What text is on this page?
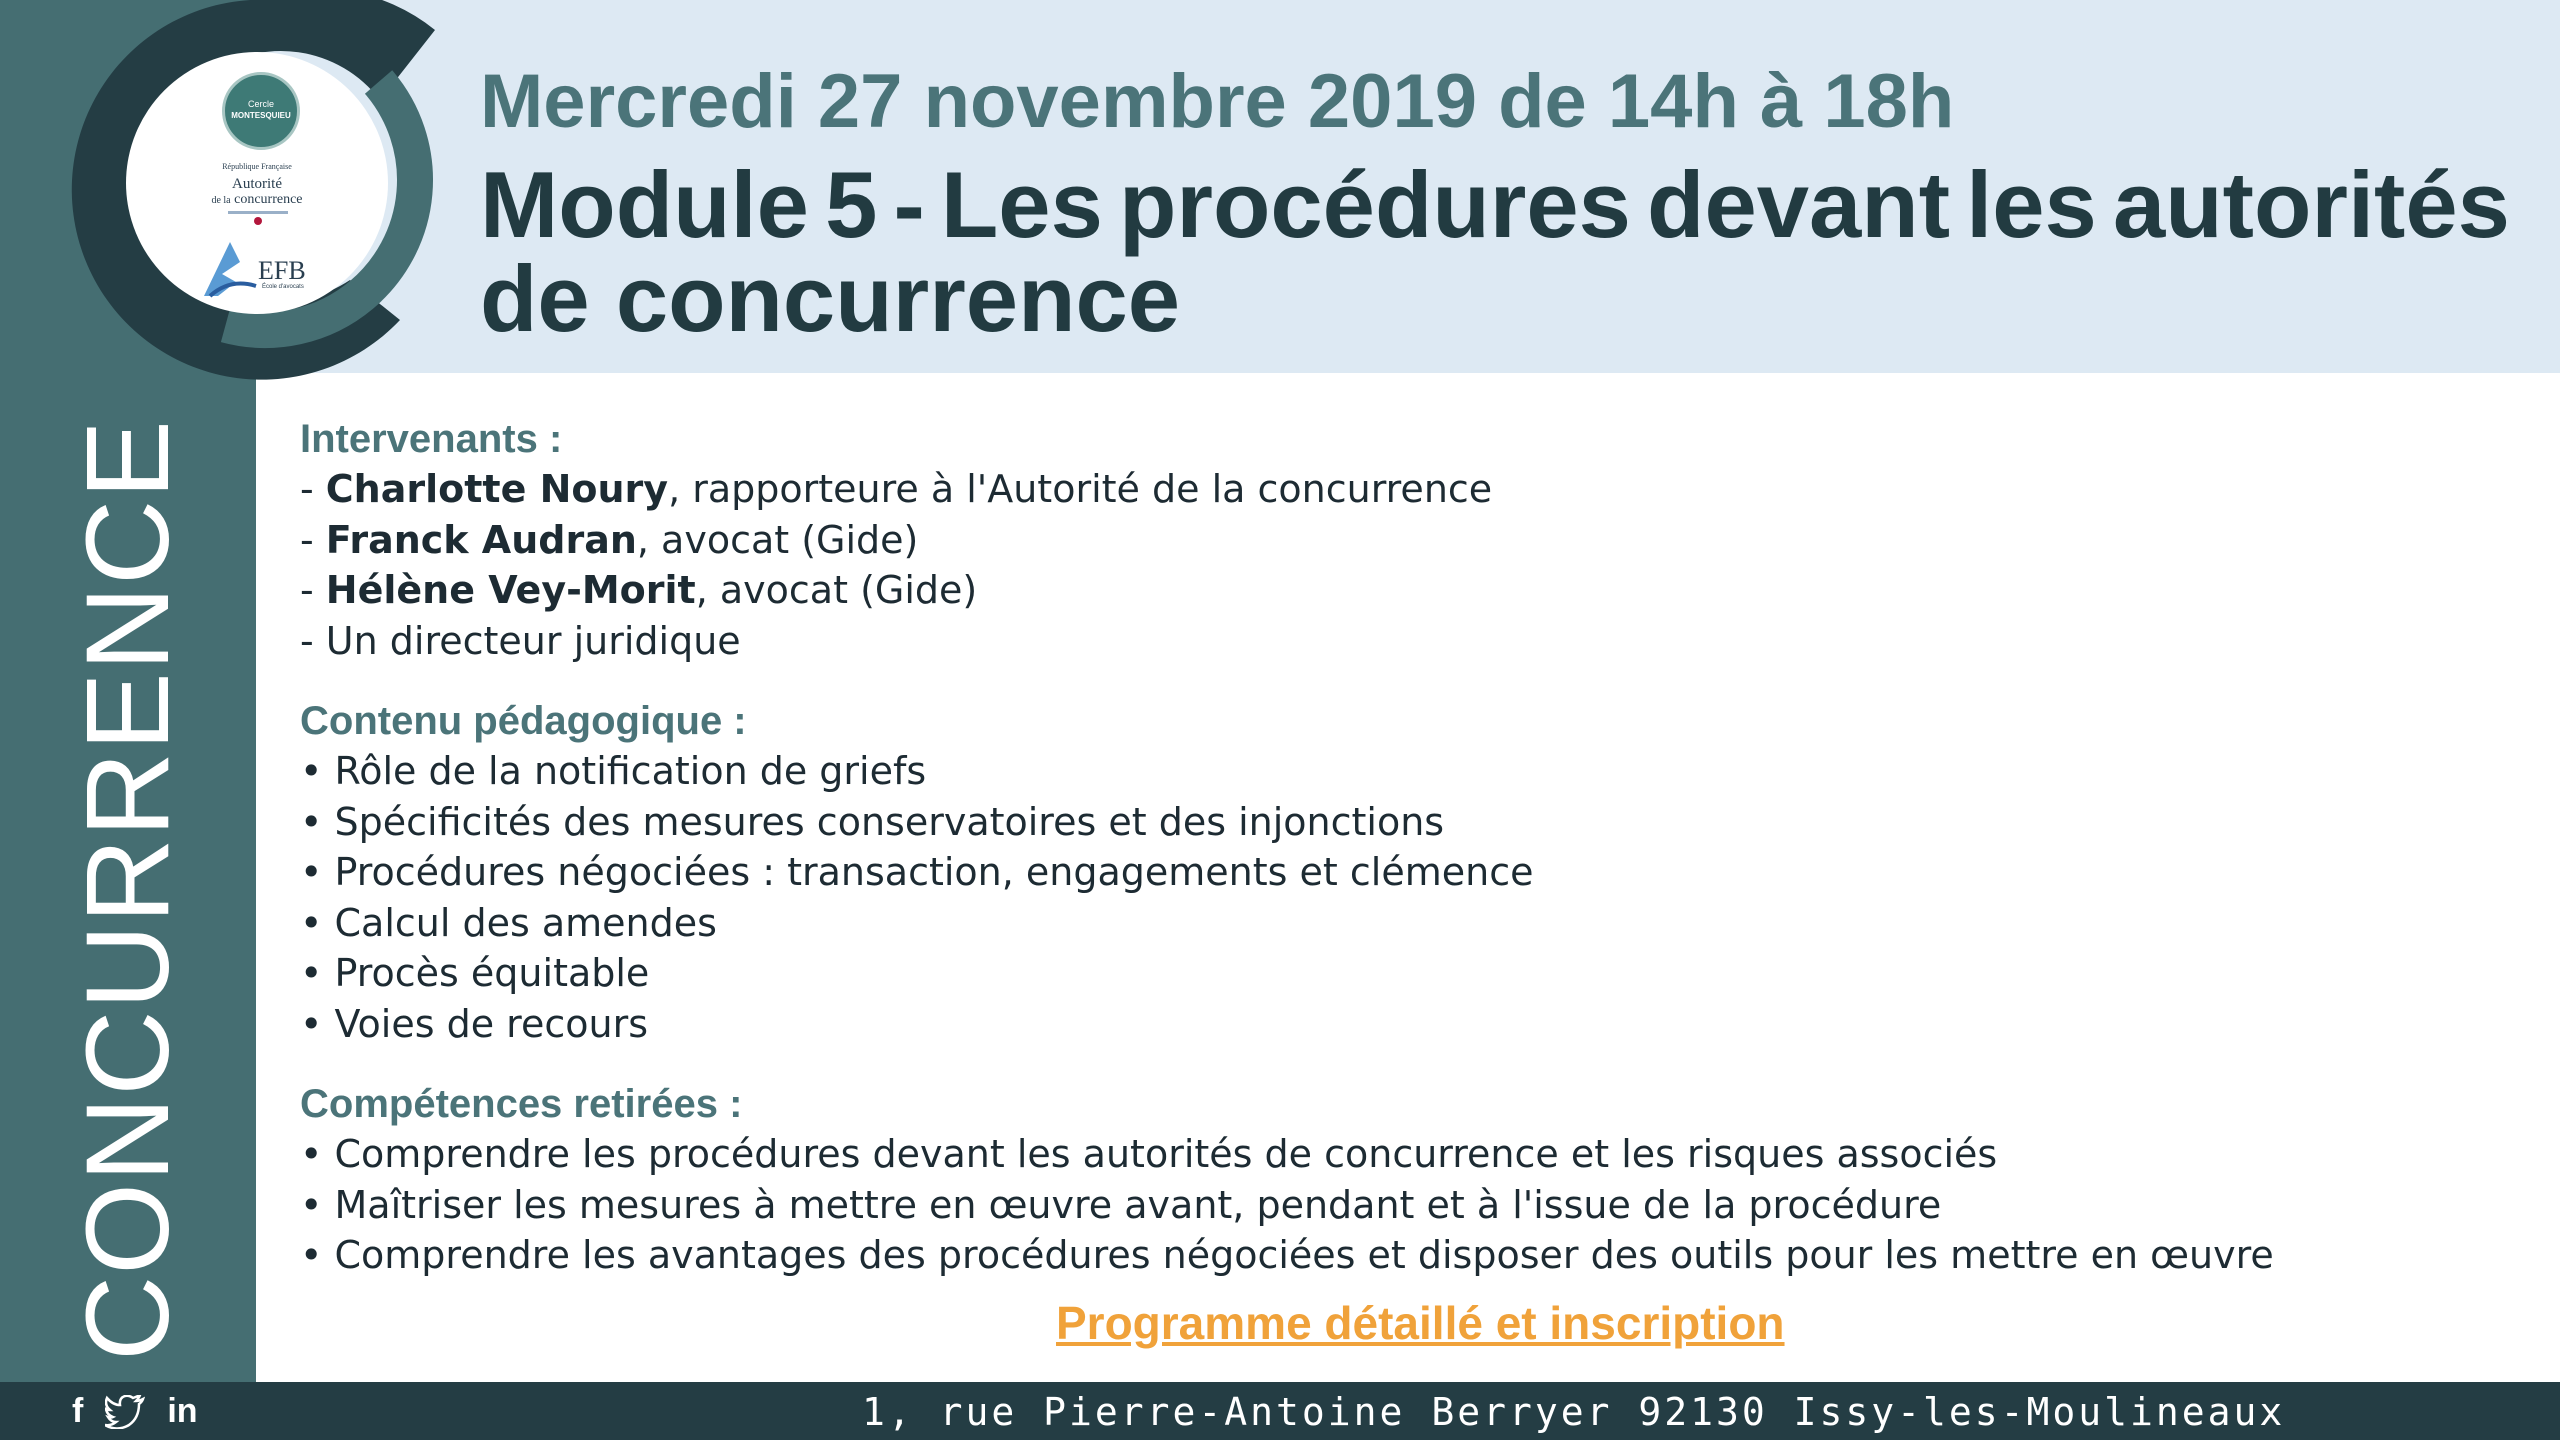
CONCURRENCE
Cercle
MONTESQUIEU
République Française
Autorité
de la concurrence
EFB
École d'avocats
Mercredi 27 novembre 2019 de 14h à 18h
Module 5 - Les procédures devant les autorités
de concurrence

Intervenants :

- Charlotte Noury, rapporteure à l'Autorité de la concurrence

- Franck Audran, avocat (Gide)

- Hélène Vey-Morit, avocat (Gide)

- Un directeur juridique

Contenu pédagogique :

• Rôle de la notification de griefs

• Spécificités des mesures conservatoires et des injonctions

• Procédures négociées : transaction, engagements et clémence

• Calcul des amendes

• Procès équitable

• Voies de recours

Compétences retirées :

• Comprendre les procédures devant les autorités de concurrence et les risques associés

• Maîtriser les mesures à mettre en œuvre avant, pendant et à l'issue de la procédure

• Comprendre les avantages des procédures négociées et disposer des outils pour les mettre en œuvre

Programme détaillé et inscription
f in	1, rue Pierre-Antoine Berryer 92130 Issy-les-Moulineaux
